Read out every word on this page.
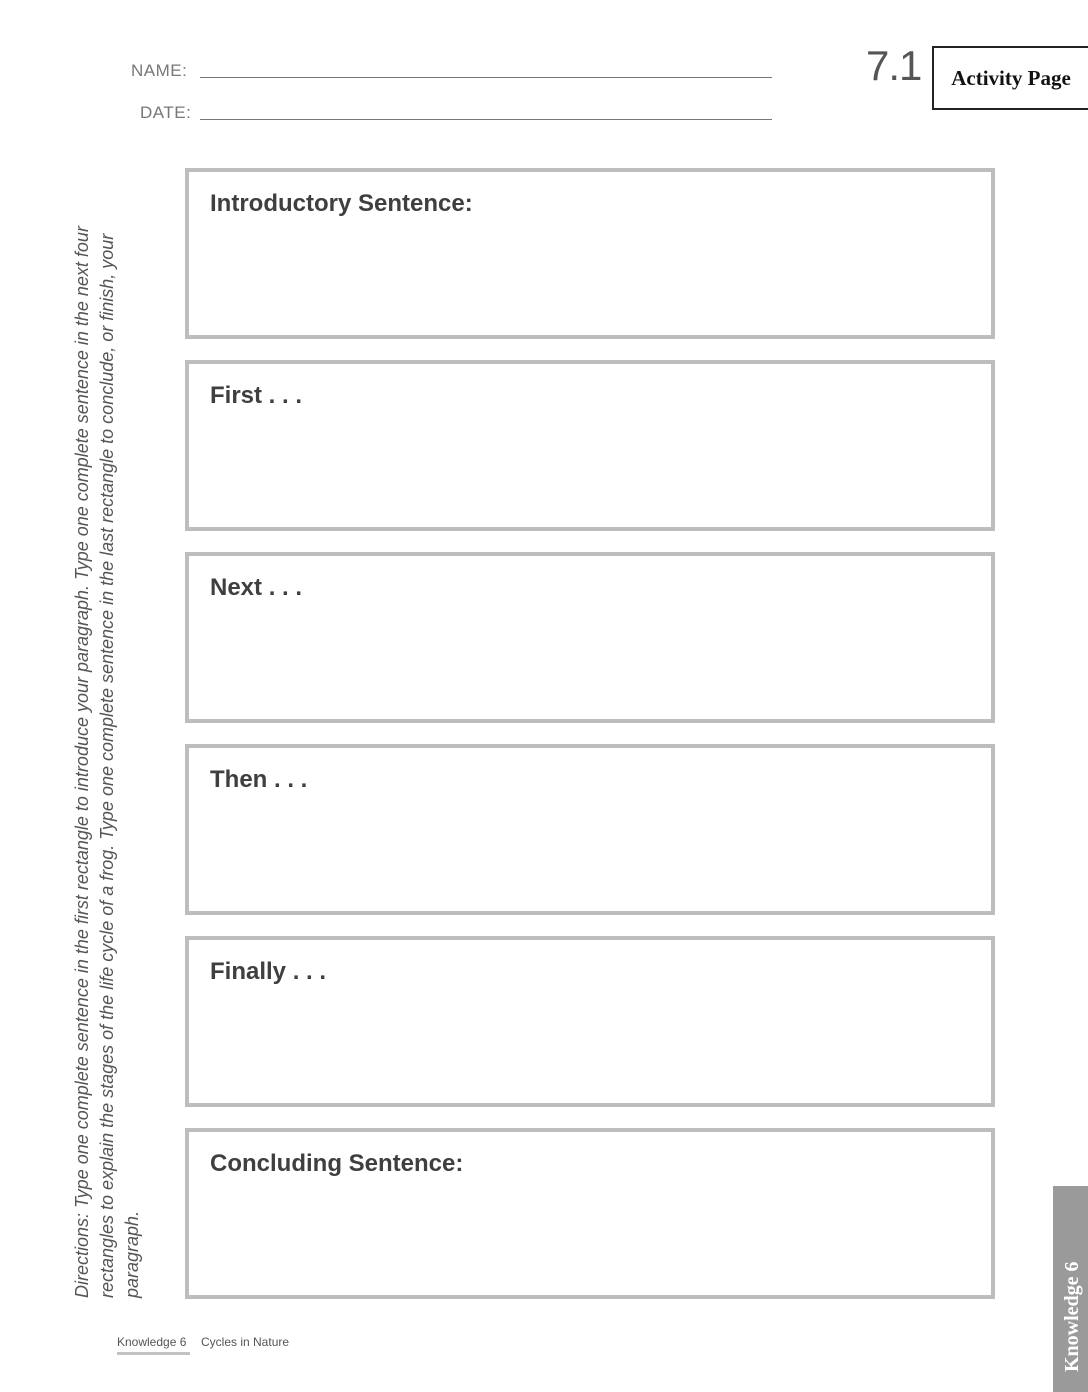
NAME:
DATE:
7.1	Activity Page
Directions: Type one complete sentence in the first rectangle to introduce your paragraph. Type one complete sentence in the next four rectangles to explain the stages of the life cycle of a frog. Type one complete sentence in the last rectangle to conclude, or finish, your paragraph.
Introductory Sentence:
First . . .
Next . . .
Then . . .
Finally . . .
Concluding Sentence:
Knowledge 6 Cycles in Nature	Knowledge 6
